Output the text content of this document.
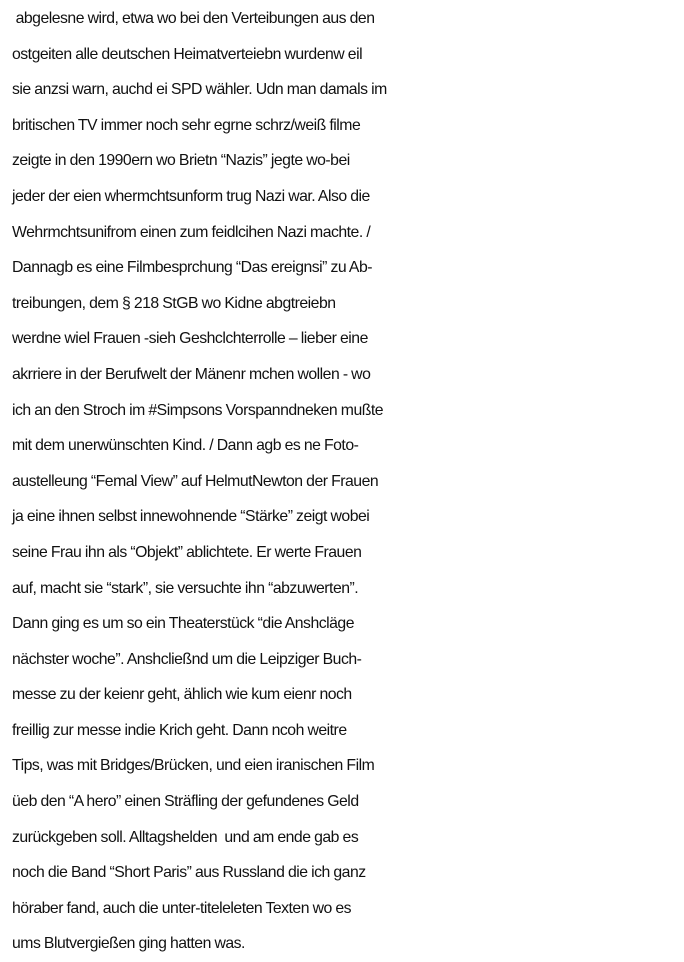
abgelesne wird, etwa wo bei den Verteibungen aus den
ostgeiten alle deutschen Heimatverteiebn wurdenw eil
sie anzsi warn, auchd ei SPD wähler. Udn man damals im
britischen TV immer noch sehr egrne schrz/weiß filme
zeigte in den 1990ern wo Brietn “Nazis” jegte wo-bei
jeder der eien whermchtsunform trug Nazi war. Also die
Wehrmchtsunifrom einen zum feidlcihen Nazi machte. /
Dannagb es eine Filmbesprchung “Das ereignsi” zu Ab-
treibungen, dem § 218 StGB wo Kidne abgtreiebn
werdne wiel Frauen -sieh Geshclchterrolle – lieber eine
akrriere in der Berufwelt der Mänenr mchen wollen - wo
ich an den Stroch im #Simpsons Vorspanndneken mußte
mit dem unerwünschten Kind. / Dann agb es ne Foto-
austelleung “Femal View” auf HelmutNewton der Frauen
ja eine ihnen selbst innewohnende “Stärke” zeigt wobei
seine Frau ihn als “Objekt” ablichtete. Er werte Frauen
auf, macht sie “stark”, sie versuchte ihn “abzuwerten”.
Dann ging es um so ein Theaterstück “die Anshcläge
nächster woche”. Anshcließnd um die Leipziger Buch-
messe zu der keienr geht, ählich wie kum eienr noch
freillig zur messe indie Krich geht. Dann ncoh weitre
Tips, was mit Bridges/Brücken, und eien iranischen Film
üeb den “A hero” einen Sträfling der gefundenes Geld
zurückgeben soll. Alltagshelden  und am ende gab es
noch die Band “Short Paris” aus Russland die ich ganz
höraber fand, auch die unter-titeleleten Texten wo es
ums Blutvergießen ging hatten was.
